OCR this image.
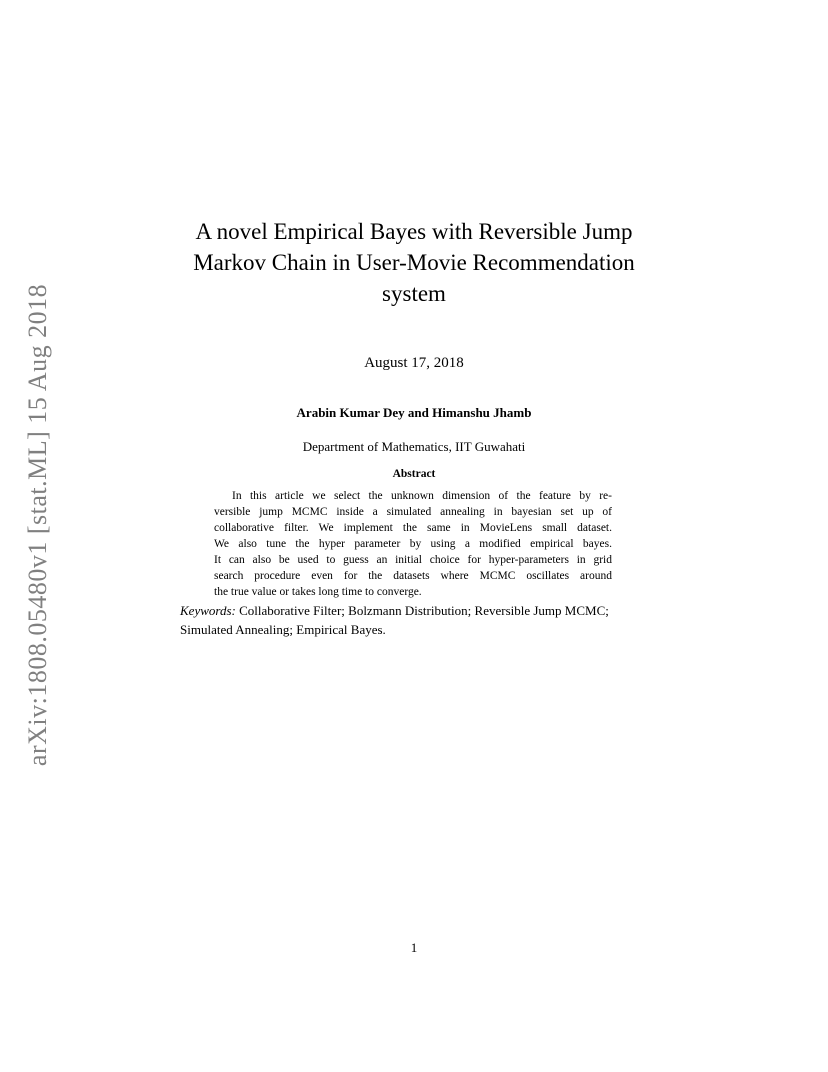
arXiv:1808.05480v1 [stat.ML] 15 Aug 2018
A novel Empirical Bayes with Reversible Jump
Markov Chain in User-Movie Recommendation
system
August 17, 2018
Arabin Kumar Dey and Himanshu Jhamb
Department of Mathematics, IIT Guwahati
Abstract
In this article we select the unknown dimension of the feature by re-
versible jump MCMC inside a simulated annealing in bayesian set up of
collaborative filter. We implement the same in MovieLens small dataset.
We also tune the hyper parameter by using a modified empirical bayes.
It can also be used to guess an initial choice for hyper-parameters in grid
search procedure even for the datasets where MCMC oscillates around
the true value or takes long time to converge.
Keywords: Collaborative Filter; Bolzmann Distribution; Reversible Jump MCMC;
Simulated Annealing; Empirical Bayes.
1
